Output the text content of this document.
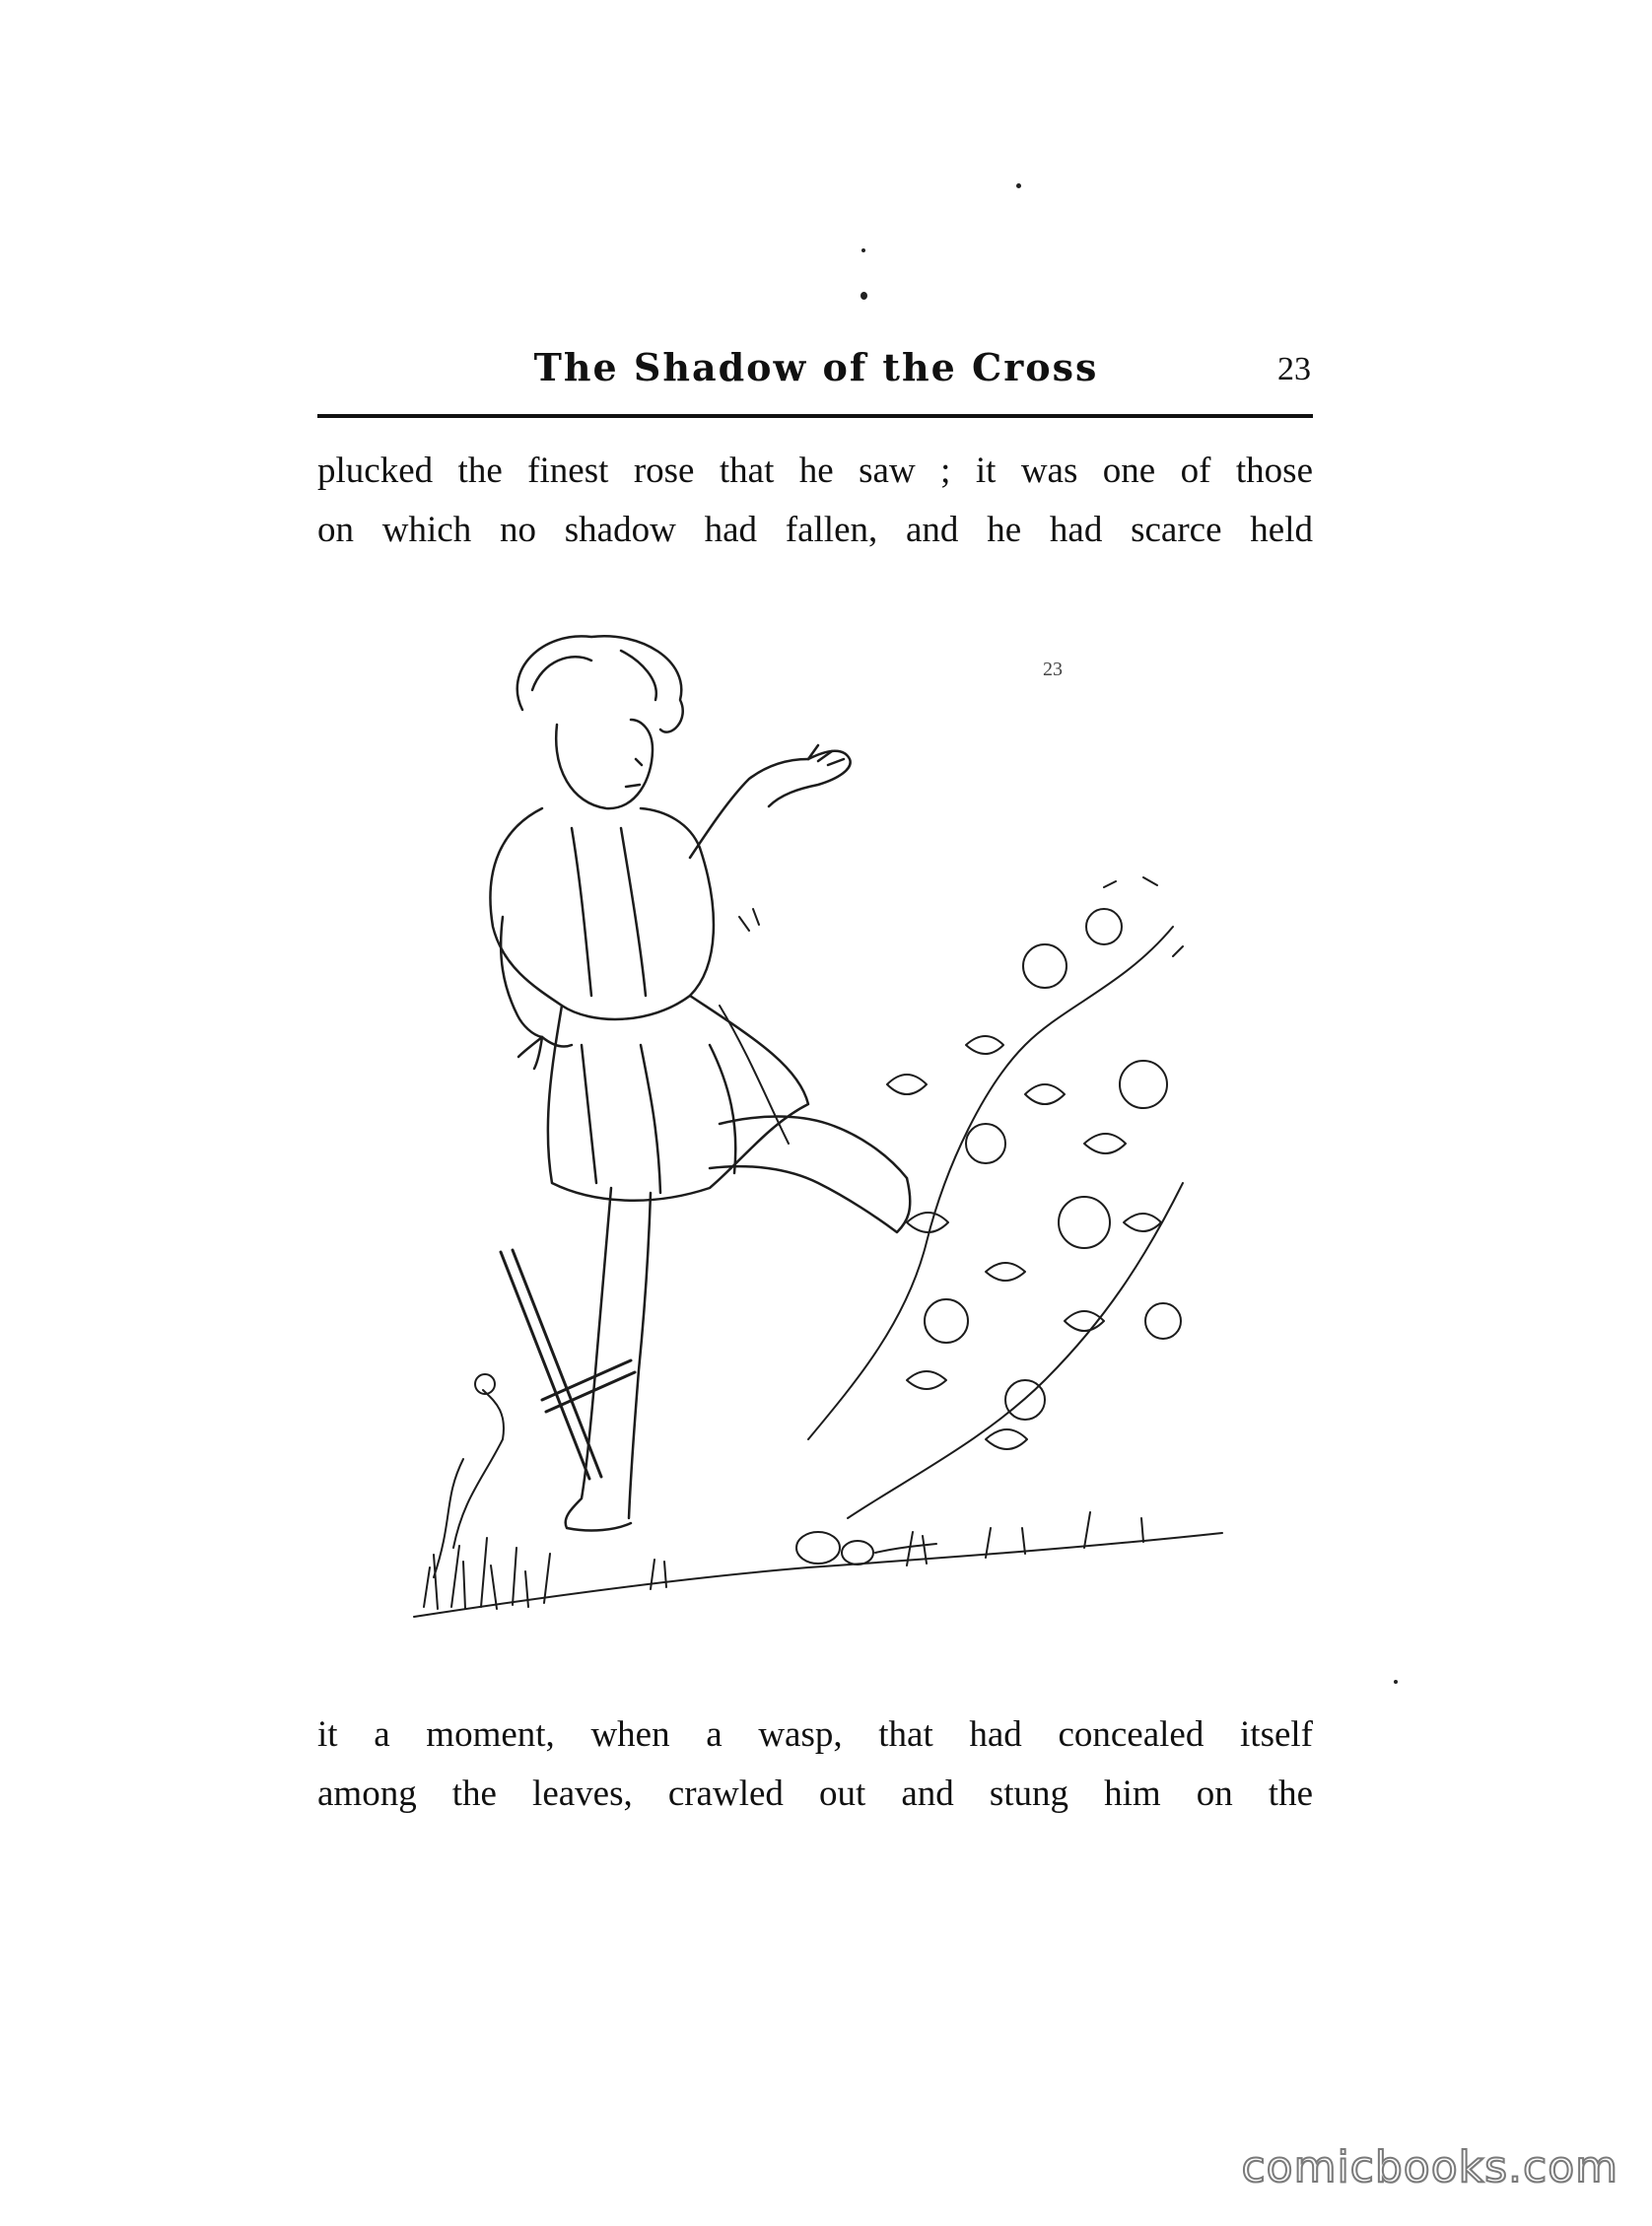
The Shadow of the Cross	23
plucked the finest rose that he saw ; it was one of those
on which no shadow had fallen, and he had scarce held
23
it a moment, when a wasp, that had concealed itself
among the leaves, crawled out and stung him on the
comicbooks.com
